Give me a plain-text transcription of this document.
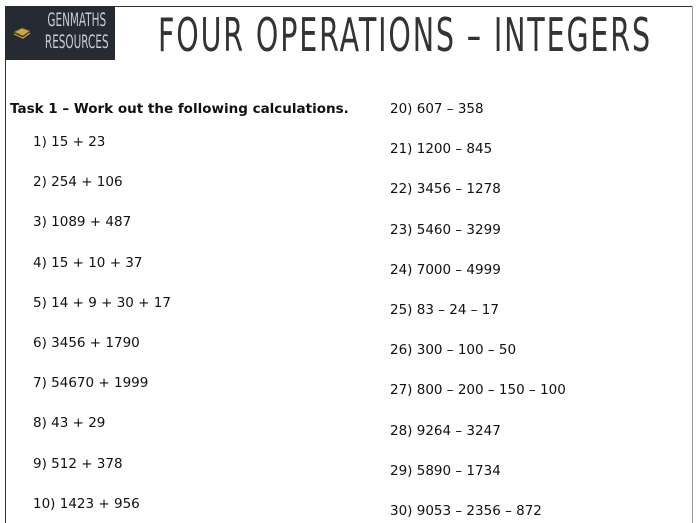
GENMATHS
RESOURCES FOUR OPERATIONS – INTEGERS
Task 1 – Work out the following calculations.
1) 15 + 23
2) 254 + 106
3) 1089 + 487
4) 15 + 10 + 37
5) 14 + 9 + 30 + 17
6) 3456 + 1790
7) 54670 + 1999
8) 43 + 29
9) 512 + 378
10) 1423 + 956
20) 607 – 358
21) 1200 – 845
22) 3456 – 1278
23) 5460 – 3299
24) 7000 – 4999
25) 83 – 24 – 17
26) 300 – 100 – 50
27) 800 – 200 – 150 – 100
28) 9264 – 3247
29) 5890 – 1734
30) 9053 – 2356 – 872
